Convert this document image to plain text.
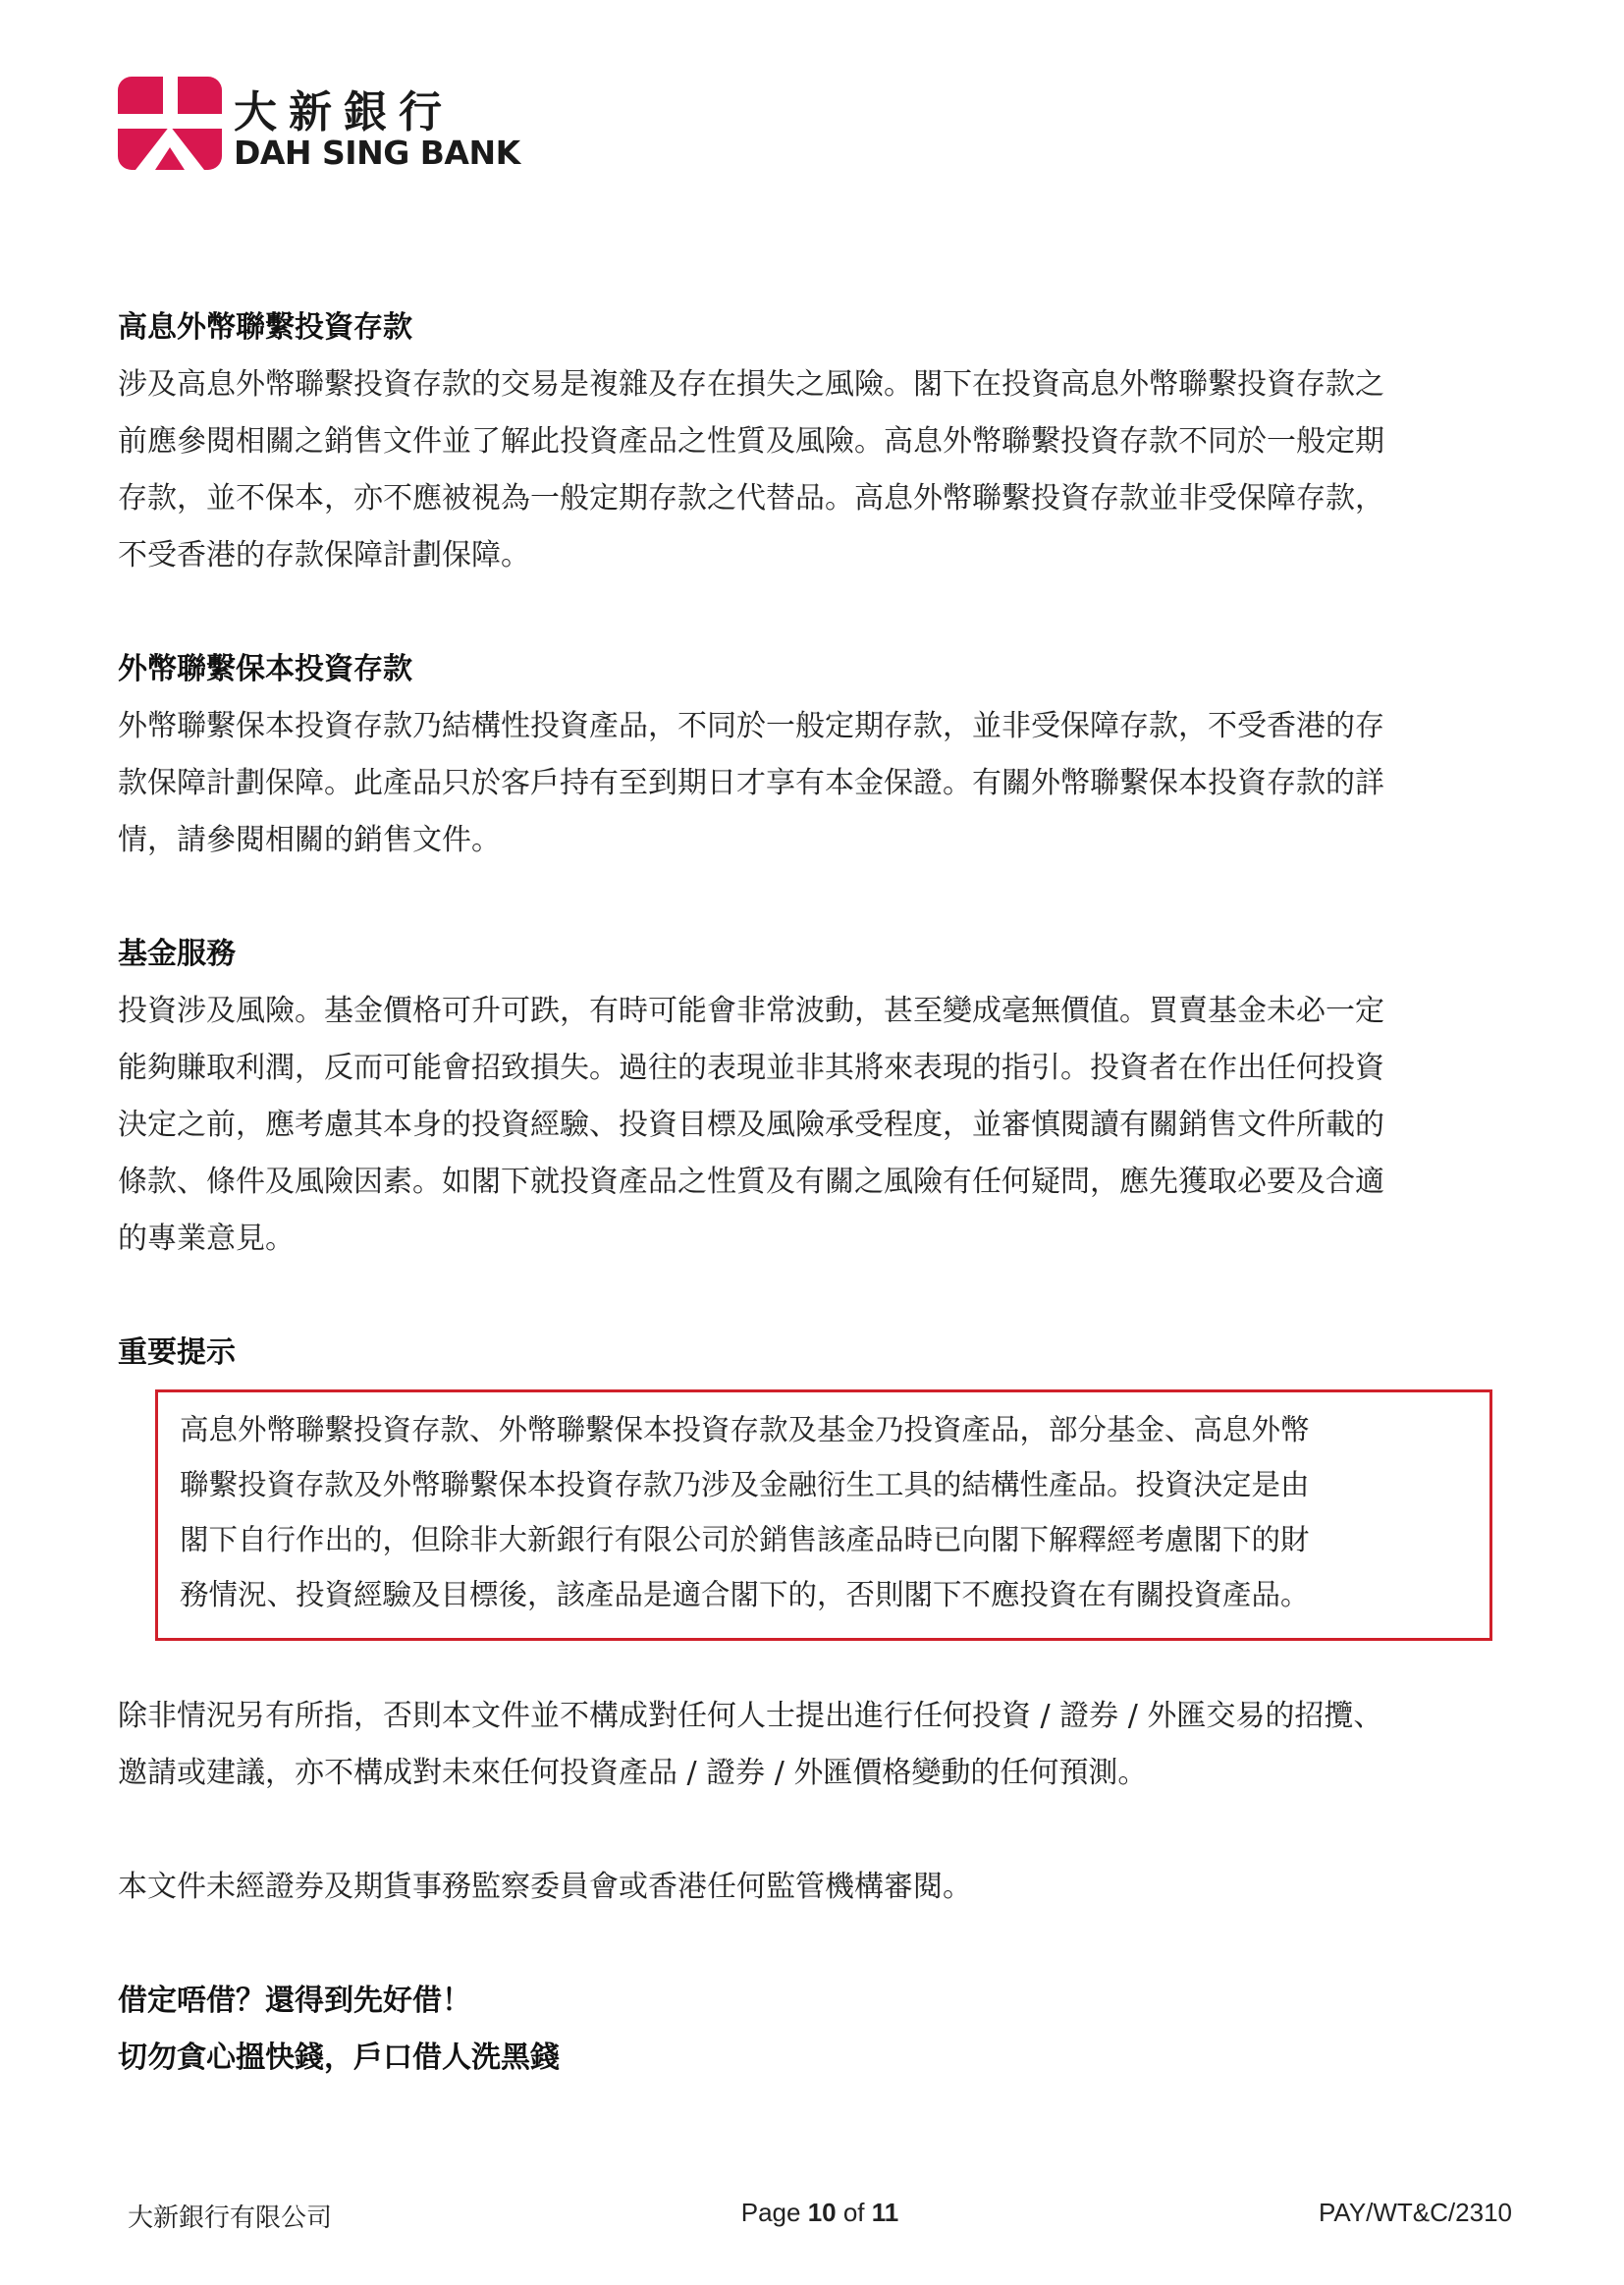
大新銀行
DAH SING BANK
高息外幣聯繫投資存款
涉及高息外幣聯繫投資存款的交易是複雜及存在損失之風險。閣下在投資高息外幣聯繫投資存款之
前應參閱相關之銷售文件並了解此投資產品之性質及風險。高息外幣聯繫投資存款不同於一般定期
存款，並不保本，亦不應被視為一般定期存款之代替品。高息外幣聯繫投資存款並非受保障存款，
不受香港的存款保障計劃保障。
外幣聯繫保本投資存款
外幣聯繫保本投資存款乃結構性投資產品，不同於一般定期存款，並非受保障存款，不受香港的存
款保障計劃保障。此產品只於客戶持有至到期日才享有本金保證。有關外幣聯繫保本投資存款的詳
情，請參閱相關的銷售文件。
基金服務
投資涉及風險。基金價格可升可跌，有時可能會非常波動，甚至變成毫無價值。買賣基金未必一定
能夠賺取利潤，反而可能會招致損失。過往的表現並非其將來表現的指引。投資者在作出任何投資
決定之前，應考慮其本身的投資經驗、投資目標及風險承受程度，並審慎閱讀有關銷售文件所載的
條款、條件及風險因素。如閣下就投資產品之性質及有關之風險有任何疑問，應先獲取必要及合適
的專業意見。
重要提示
高息外幣聯繫投資存款、外幣聯繫保本投資存款及基金乃投資產品，部分基金、高息外幣
聯繫投資存款及外幣聯繫保本投資存款乃涉及金融衍生工具的結構性產品。投資決定是由
閣下自行作出的，但除非大新銀行有限公司於銷售該產品時已向閣下解釋經考慮閣下的財
務情況、投資經驗及目標後，該產品是適合閣下的，否則閣下不應投資在有關投資產品。
除非情況另有所指，否則本文件並不構成對任何人士提出進行任何投資 / 證券 / 外匯交易的招攬、
邀請或建議，亦不構成對未來任何投資產品 / 證券 / 外匯價格變動的任何預測。
本文件未經證券及期貨事務監察委員會或香港任何監管機構審閱。
借定唔借？還得到先好借！
切勿貪心搵快錢，戶口借人洗黑錢
大新銀行有限公司	Page 10 of 11	PAY/WT&C/2310
